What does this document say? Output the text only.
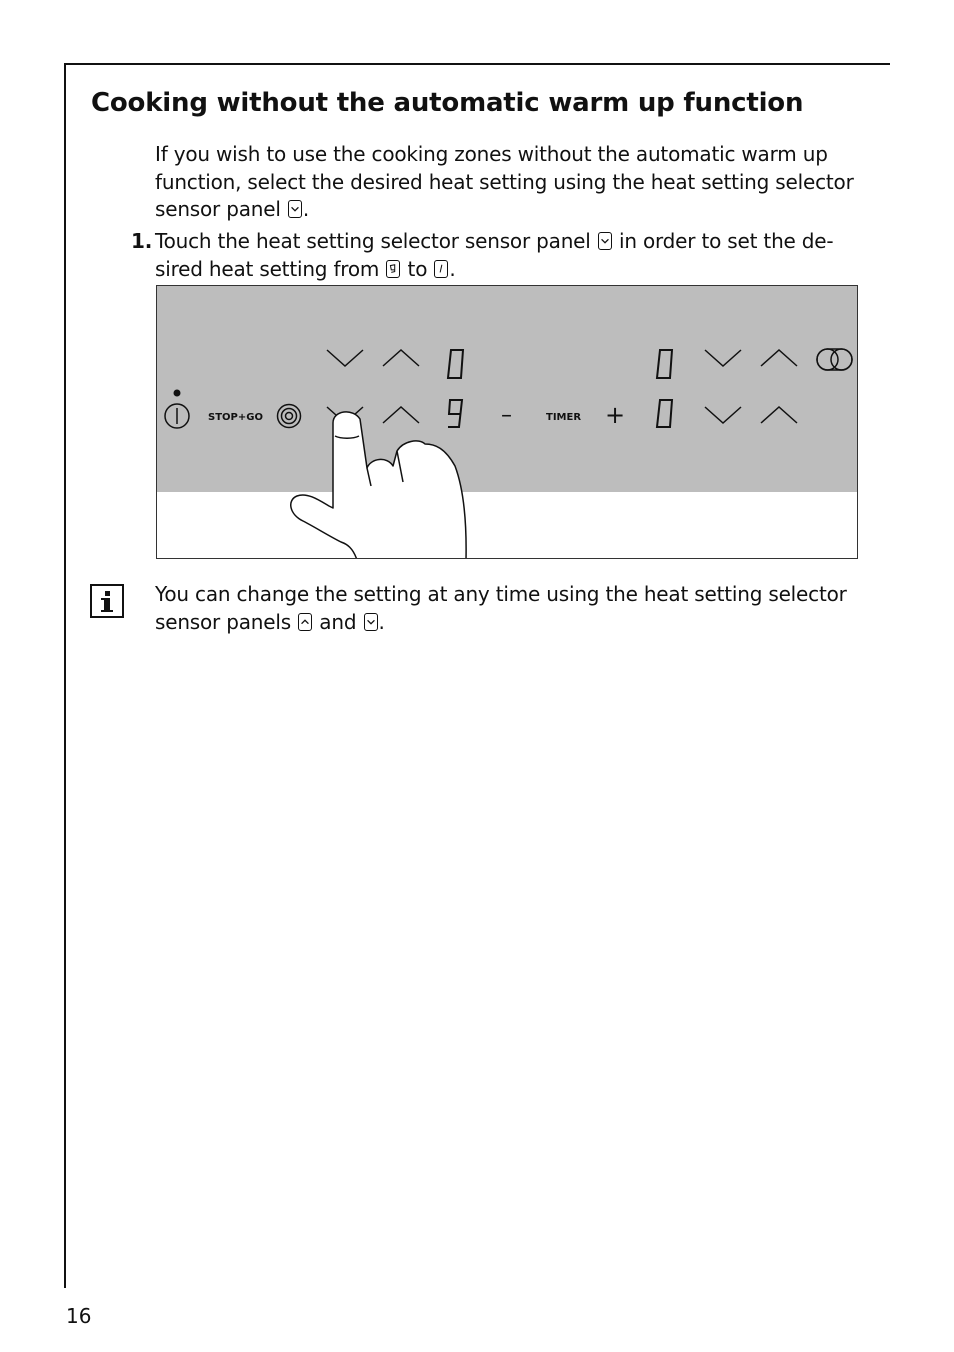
Cooking without the automatic warm up function

If you wish to use the cooking zones without the automatic warm up function, select the desired heat setting using the heat setting selector sensor panel .

1. Touch the heat setting selector sensor panel in order to set the de-sired heat setting from to .

STOP+GO	–	TIMER +

You can change the setting at any time using the heat setting selector sensor panels and .

16
